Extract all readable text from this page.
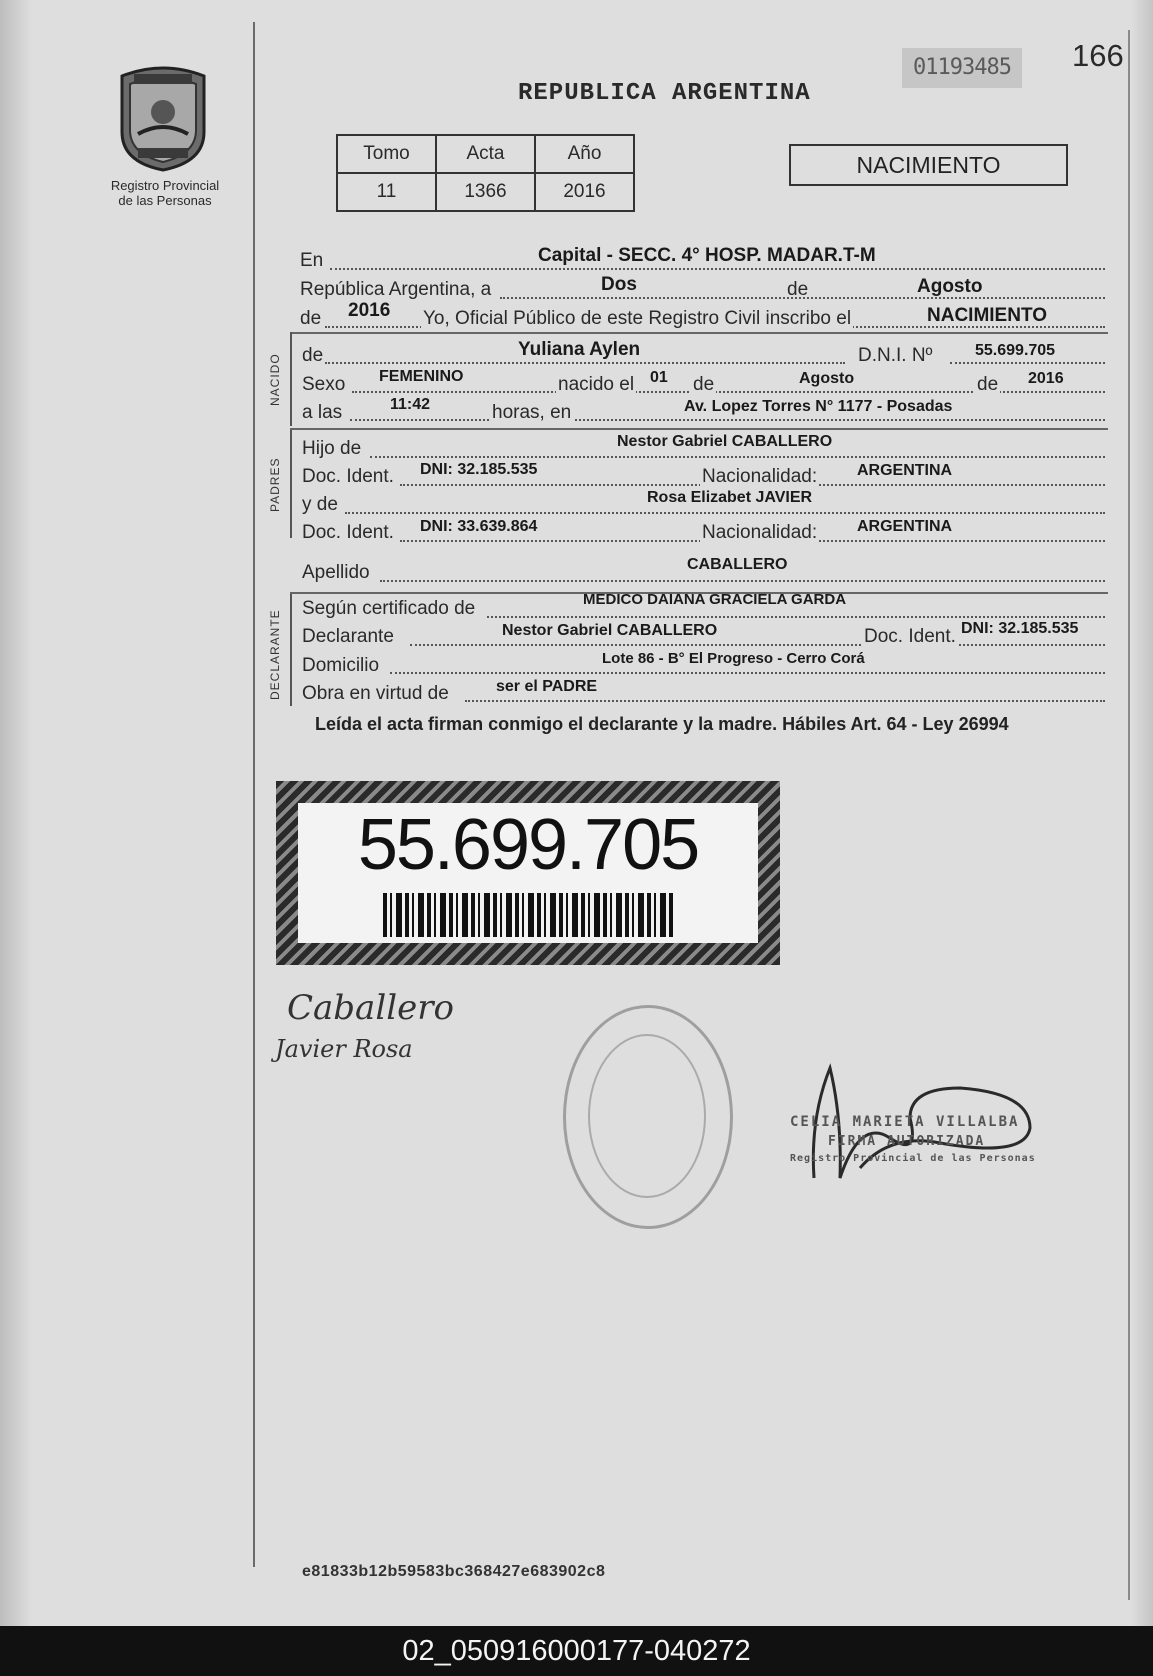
Registro Provincial
de las Personas
01193485	166
REPUBLICA ARGENTINA
Tomo	Acta	Año
11	1366	2016
NACIMIENTO
En	Capital - SECC. 4° HOSP. MADAR.T-M
República Argentina, a	Dos	de	Agosto
de 2016 Yo, Oficial Público de este Registro Civil inscribo el	NACIMIENTO
NACIDO de	Yuliana Aylen	D.N.I. Nº	55.699.705
Sexo FEMENINO	nacido el 01 de	Agosto	de 2016
a las	11:42	horas, en	Av. Lopez Torres N° 1177 - Posadas
PADRES
Hijo de	Nestor Gabriel CABALLERO
Doc. Ident. DNI: 32.185.535	Nacionalidad: ARGENTINA
y de	Rosa Elizabet JAVIER
Doc. Ident. DNI: 33.639.864	Nacionalidad: ARGENTINA
Apellido	CABALLERO
DECLARANTE
Según certificado de	MEDICO DAIANA GRACIELA GARDA
Declarante	Nestor Gabriel CABALLERO	Doc. Ident. DNI: 32.185.535
Domicilio	Lote 86 - B° El Progreso - Cerro Corá
Obra en virtud de	ser el PADRE
Leída el acta firman conmigo el declarante y la madre. Hábiles Art. 64 - Ley 26994
55.699.705
Caballero
Javier Rosa
CELIA MARIETA VILLALBA
FIRMA AUTORIZADA
Registro Provincial de las Personas
e81833b12b59583bc368427e683902c8
02_050916000177-040272
